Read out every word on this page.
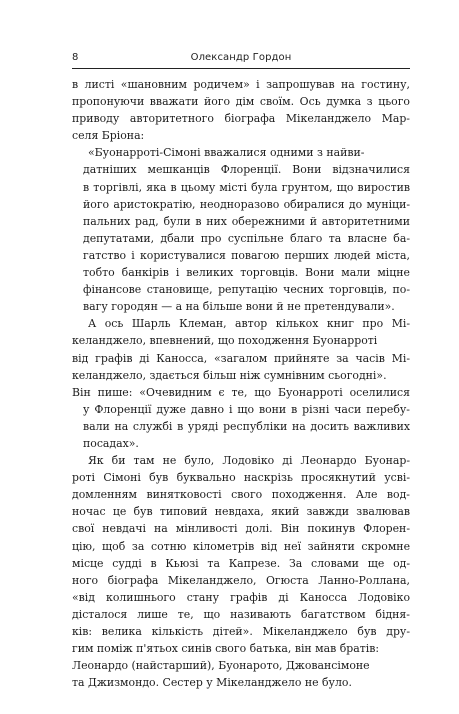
8	Олександр Гордон
в листі «шановним родичем» і запрошував на гостину,
пропонуючи вважати його дім своїм. Ось думка з цього
приводу авторитетного біографа Мікеланджело Мар-
селя Бріона:
«Буонарроті-Сімоні вважалися одними з найви-
датніших мешканців Флоренції. Вони відзначилися
в торгівлі, яка в цьому місті була грунтом, що виростив
його аристократію, неодноразово обиралися до муніци-
пальних рад, були в них обережними й авторитетними
депутатами, дбали про суспільне благо та власне ба-
гатство і користувалися повагою перших людей міста,
тобто банкірів і великих торговців. Вони мали міцне
фінансове становище, репутацію чесних торговців, по-
вагу городян — а на більше вони й не претендували».
А ось Шарль Клеман, автор кількох книг про Мі-
келанджело, впевнений, що походження Буонарроті
від графів ді Каносса, «загалом прийняте за часів Мі-
келанджело, здається більш ніж сумнівним сьогодні».
Він пише: «Очевидним є те, що Буонарроті оселилися
у Флоренції дуже давно і що вони в різні часи перебу-
вали на службі в уряді республіки на досить важливих
посадах».
Як би там не було, Лодовіко ді Леонардо Буонар-
роті Сімоні був буквально наскрізь просякнутий усві-
домленням винятковості свого походження. Але вод-
ночас це був типовий невдаха, який завжди звалював
свої невдачі на мінливості долі. Він покинув Флорен-
цію, щоб за сотню кілометрів від неї зайняти скромне
місце судді в Кьюзі та Капрезе. За словами ще од-
ного біографа Мікеланджело, Огюста Ланно-Роллана,
«від колишнього стану графів ді Каносса Лодовіко
дісталося лише те, що називають багатством бідня-
ків: велика кількість дітей». Мікеланджело був дру-
гим поміж п'ятьох синів свого батька, він мав братів:
Леонардо (найстарший), Буонарото, Джовансімоне
та Джизмондо. Сестер у Мікеланджело не було.
